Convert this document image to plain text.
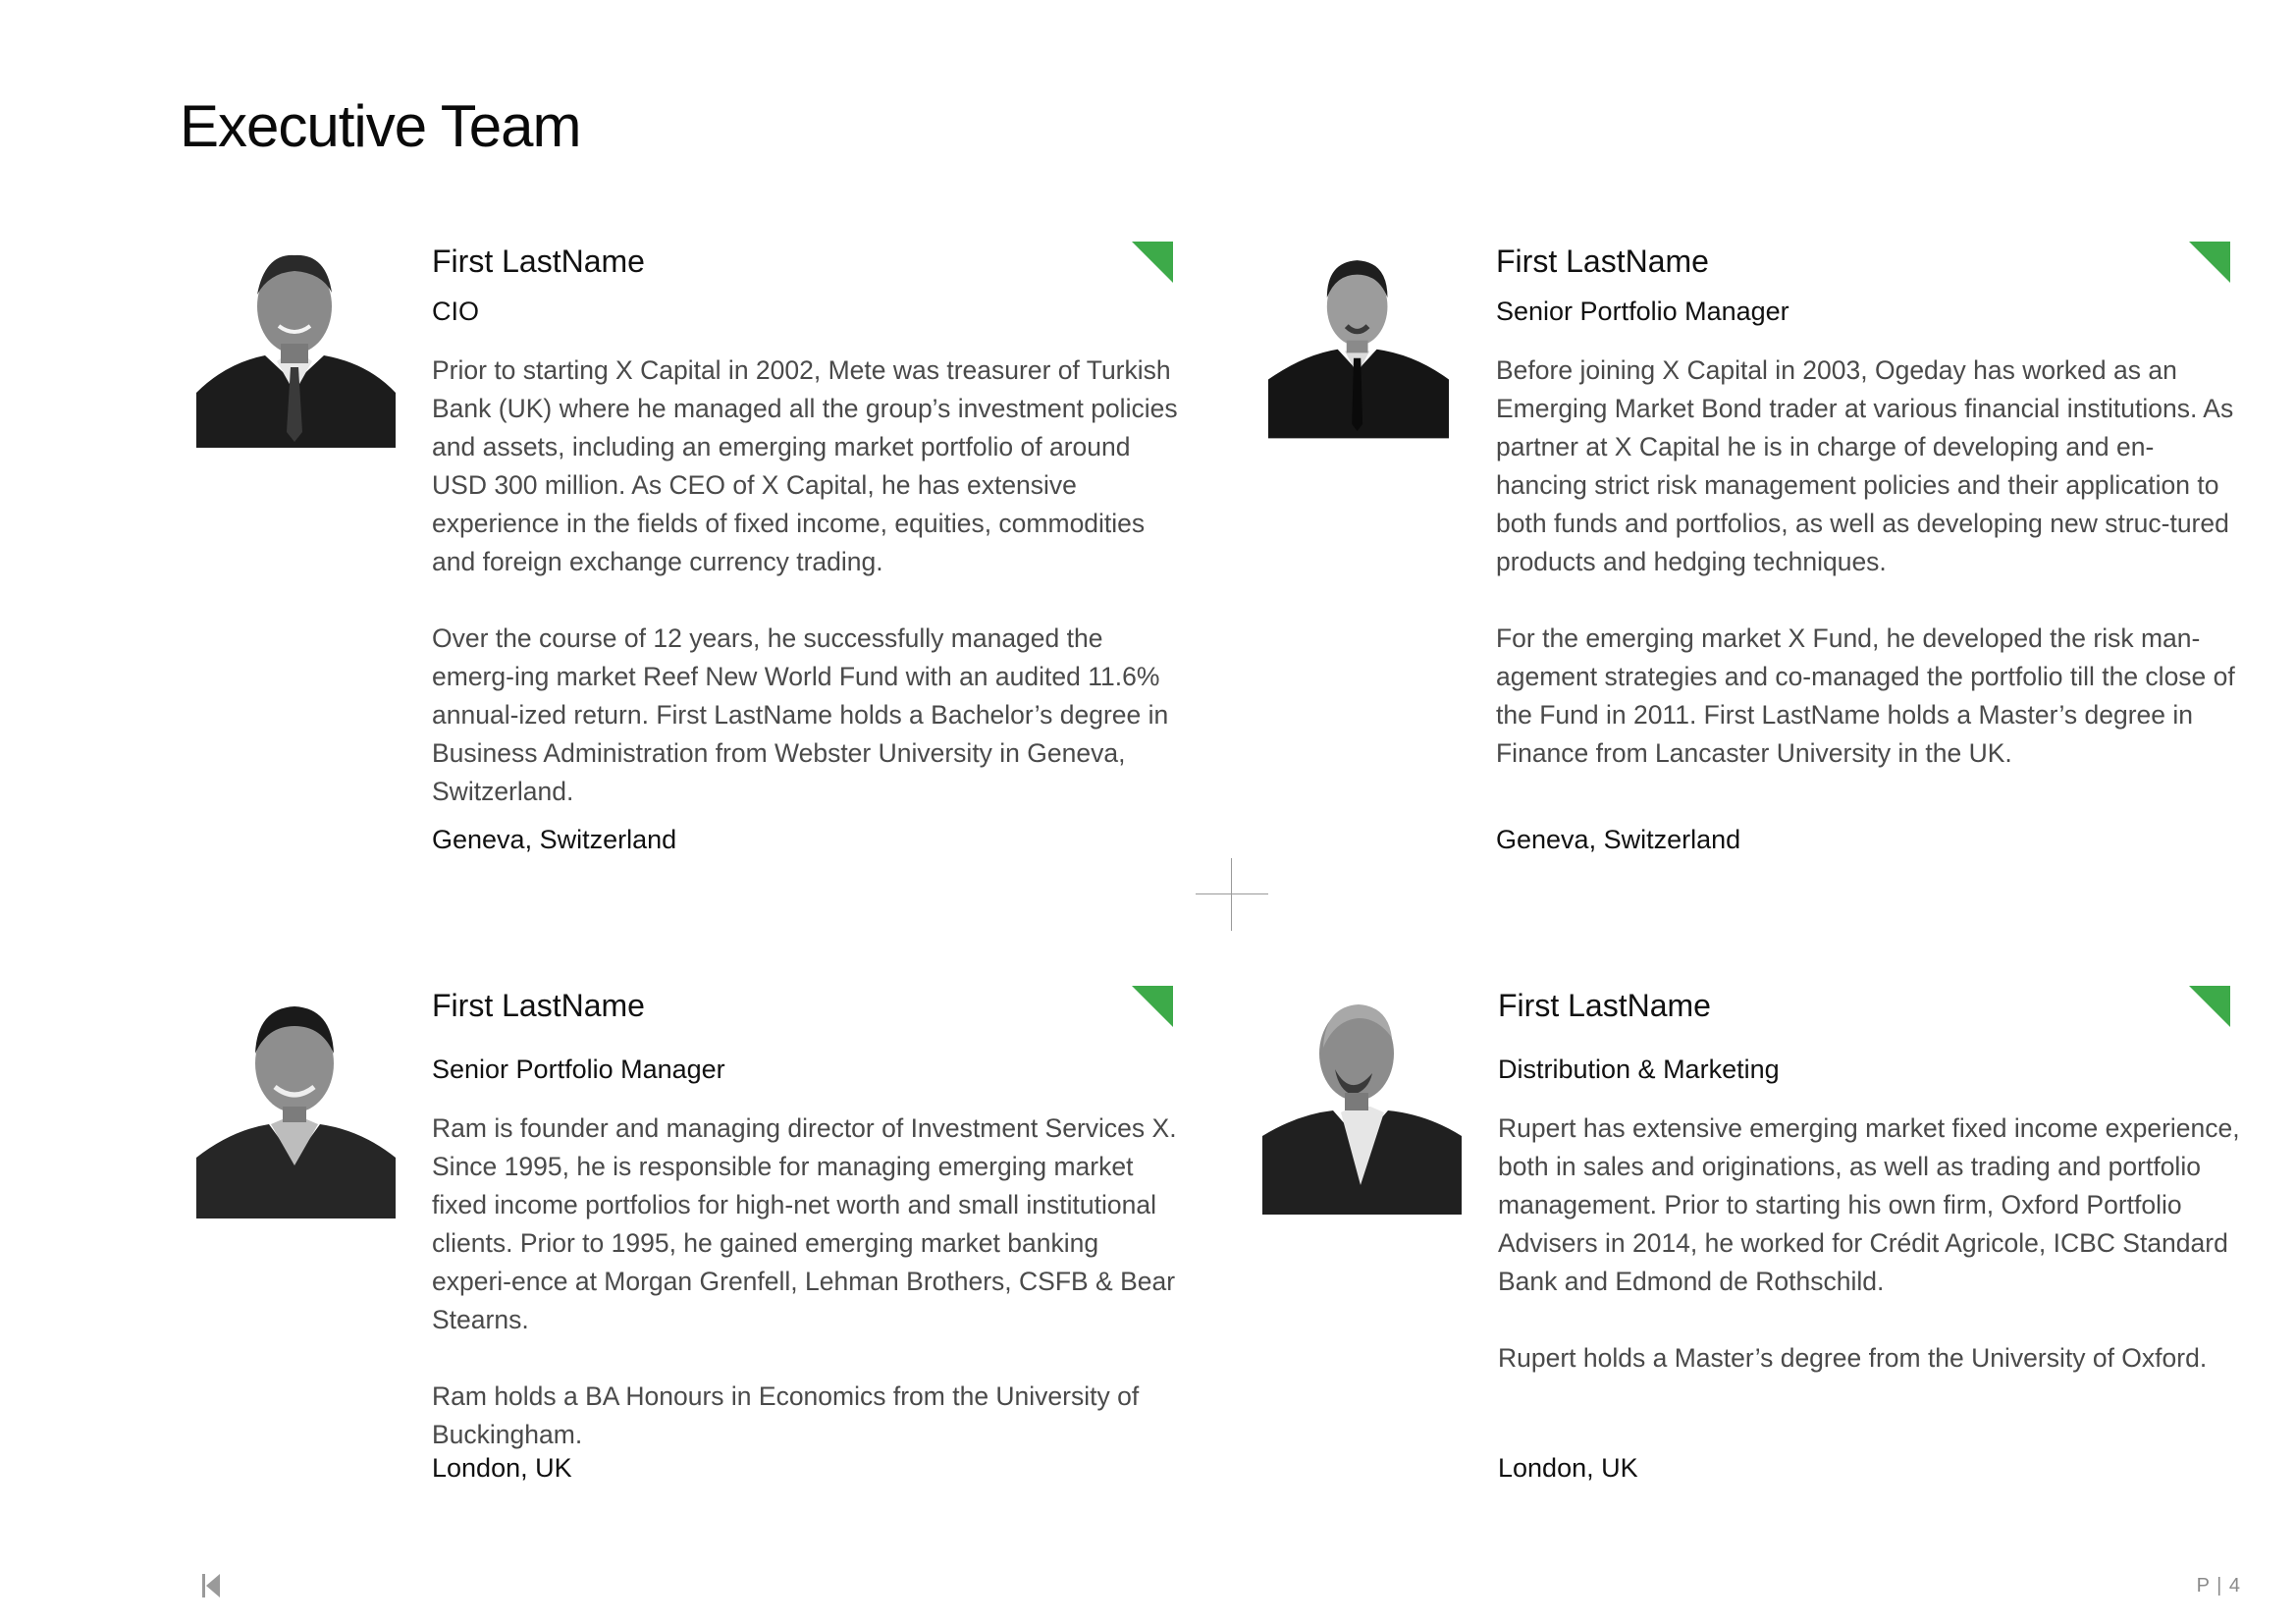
Executive Team
First LastName
CIO
Prior to starting X Capital in 2002, Mete was treasurer of Turkish Bank (UK) where he managed all the group’s investment policies and assets, including an emerging market portfolio of around USD 300 million. As CEO of X Capital, he has extensive experience in the fields of fixed income, equities, commodities and foreign exchange currency trading.
Over the course of 12 years, he successfully managed the emerg-ing market Reef New World Fund with an audited 11.6% annual-ized return. First LastName holds a Bachelor’s degree in Business Administration from Webster University in Geneva, Switzerland.
Geneva, Switzerland
First LastName
Senior Portfolio Manager
Before joining X Capital in 2003, Ogeday has worked as an Emerging Market Bond trader at various financial institutions. As partner at X Capital he is in charge of developing and en-hancing strict risk management policies and their application to both funds and portfolios, as well as developing new struc-tured products and hedging techniques.
For the emerging market X Fund, he developed the risk man-agement strategies and co-managed the portfolio till the close of the Fund in 2011. First LastName holds a Master’s degree in Finance from Lancaster University in the UK.
Geneva, Switzerland
First LastName
Senior Portfolio Manager
Ram is founder and managing director of Investment Services X. Since 1995, he is responsible for managing emerging market fixed income portfolios for high-net worth and small institutional clients. Prior to 1995, he gained emerging market banking experi-ence at Morgan Grenfell, Lehman Brothers, CSFB & Bear Stearns.
Ram holds a BA Honours in Economics from the University of Buckingham.
London, UK
First LastName
Distribution & Marketing
Rupert has extensive emerging market fixed income experience, both in sales and originations, as well as trading and portfolio management. Prior to starting his own firm, Oxford Portfolio Advisers in 2014, he worked for Crédit Agricole, ICBC Standard Bank and Edmond de Rothschild.
Rupert holds a Master’s degree from the University of Oxford.
London, UK
P | 4
